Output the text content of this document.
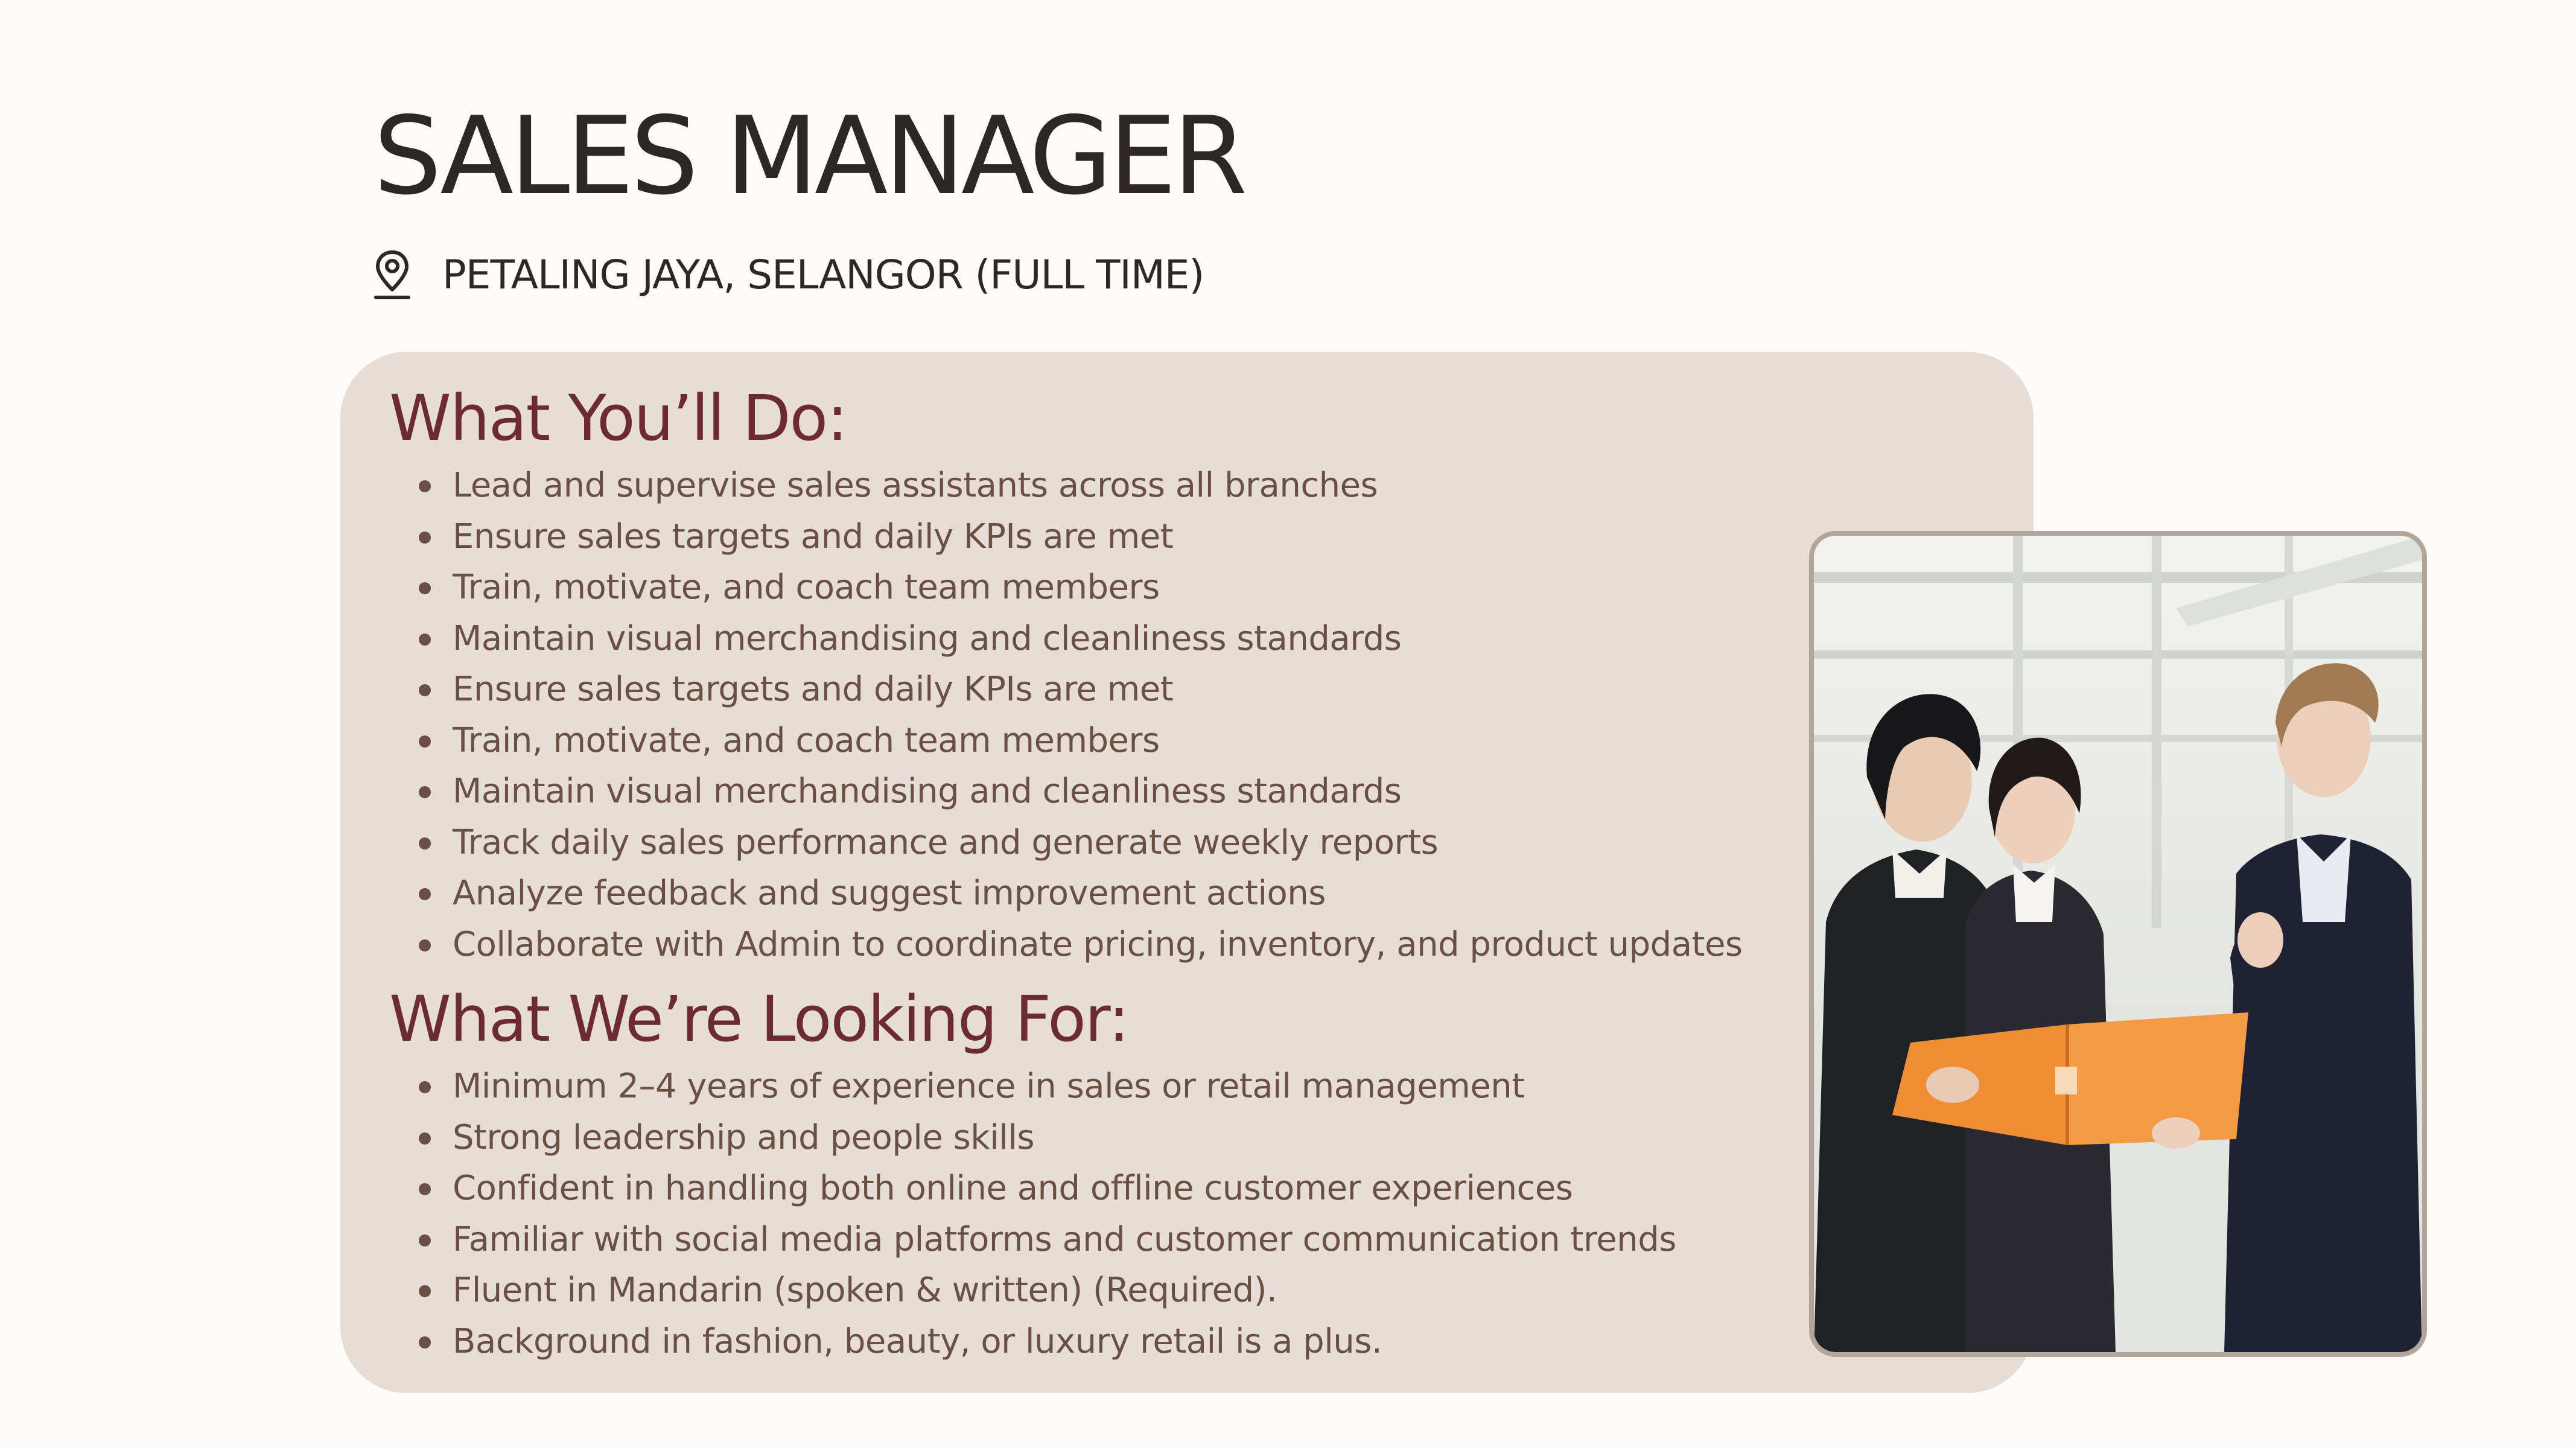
SALES MANAGER
PETALING JAYA, SELANGOR (FULL TIME)
What You’ll Do:
Lead and supervise sales assistants across all branches
Ensure sales targets and daily KPIs are met
Train, motivate, and coach team members
Maintain visual merchandising and cleanliness standards
Ensure sales targets and daily KPIs are met
Train, motivate, and coach team members
Maintain visual merchandising and cleanliness standards
Track daily sales performance and generate weekly reports
Analyze feedback and suggest improvement actions
Collaborate with Admin to coordinate pricing, inventory, and product updates
What We’re Looking For:
Minimum 2–4 years of experience in sales or retail management
Strong leadership and people skills
Confident in handling both online and offline customer experiences
Familiar with social media platforms and customer communication trends
Fluent in Mandarin (spoken & written) (Required).
Background in fashion, beauty, or luxury retail is a plus.
